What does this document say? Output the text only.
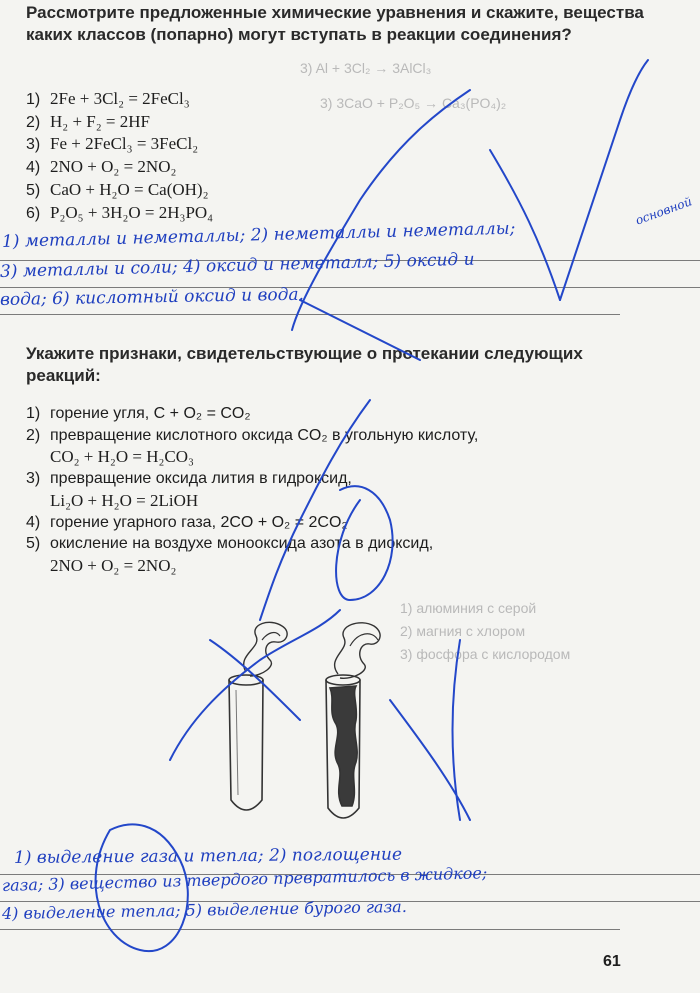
3) Al + 3Cl₂ → 3AlCl₃
3) 3CaO + P₂O₅ → Ca₃(PO₄)₂
1) алюминия с серой
2) магния с хлором
3) фосфора с кислородом
Рассмотрите предложенные химические уравнения и скажите, вещества каких классов (попарно) могут вступать в реакции соединения?
1) 2Fe + 3Cl₂ = 2FeCl₃
2) H₂ + F₂ = 2HF
3) Fe + 2FeCl₃ = 3FeCl₂
4) 2NO + O₂ = 2NO₂
5) CaO + H₂O = Ca(OH)₂
6) P₂O₅ + 3H₂O = 2H₃PO₄
1) металлы и неметаллы; 2) неметаллы и неметаллы;
основной
3) металлы и соли; 4) оксид и неметалл; 5) оксид и
вода; 6) кислотный оксид и вода.
Укажите признаки, свидетельствующие о протекании следующих реакций:
1) горение угля, C + O₂ = CO₂
2) превращение кислотного оксида CO₂ в угольную кислоту,
CO₂ + H₂O = H₂CO₃
3) превращение оксида лития в гидроксид,
Li₂O + H₂O = 2LiOH
4) горение угарного газа, 2CO + O₂ = 2CO₂
5) окисление на воздухе монооксида азота в диоксид,
2NO + O₂ = 2NO₂
1) выделение газа и тепла; 2) поглощение
газа; 3) вещество из твердого превратилось в жидкое;
4) выделение тепла; 5) выделение бурого газа.
61
